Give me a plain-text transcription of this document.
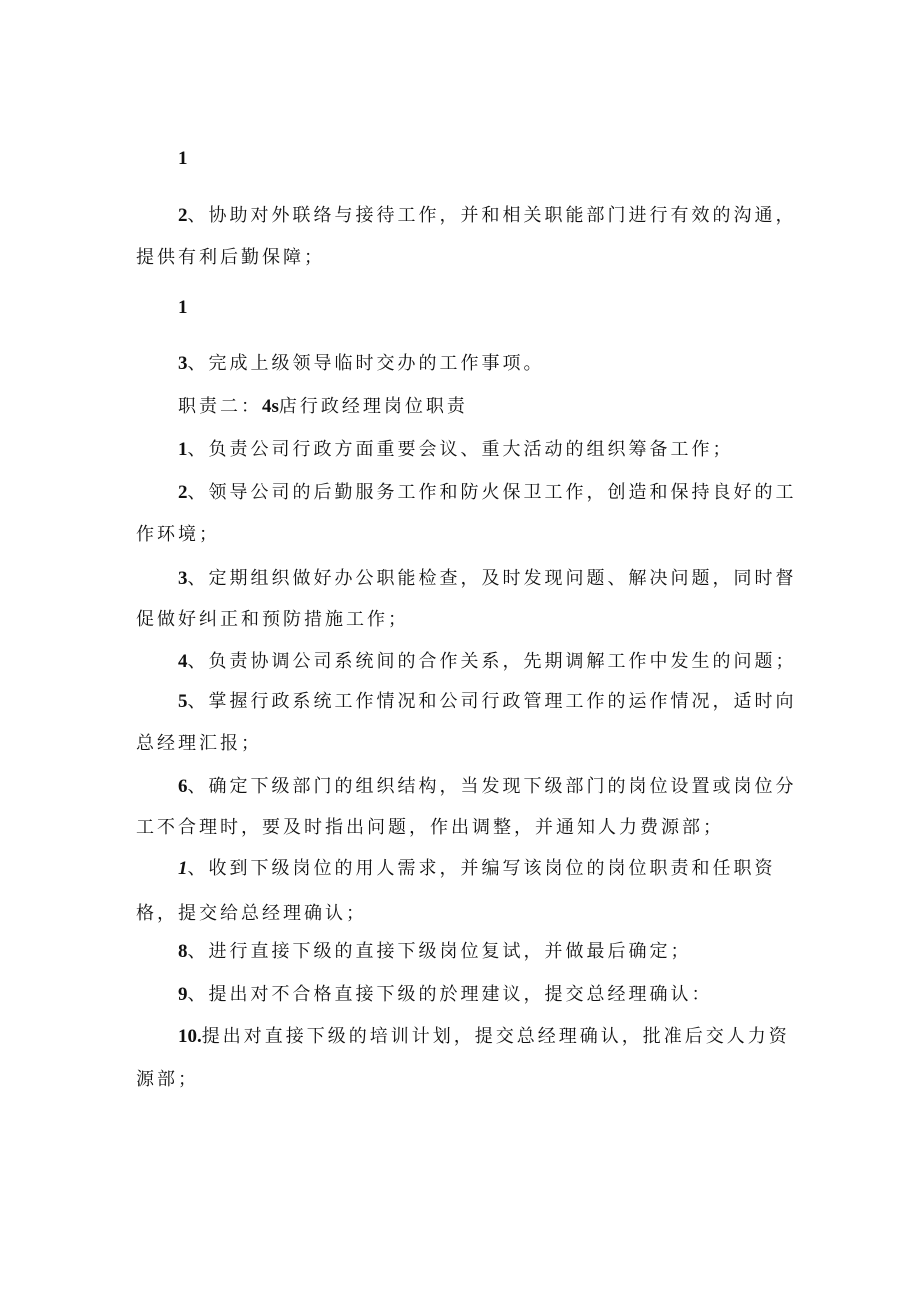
1
2、协助对外联络与接待工作，并和相关职能部门进行有效的沟通，
提供有利后勤保障；
1
3、完成上级领导临时交办的工作事项。
职责二：4s店行政经理岗位职责
1、负责公司行政方面重要会议、重大活动的组织筹备工作；
2、领导公司的后勤服务工作和防火保卫工作，创造和保持良好的工
作环境；
3、定期组织做好办公职能检查，及时发现问题、解决问题，同时督
促做好纠正和预防措施工作；
4、负责协调公司系统间的合作关系，先期调解工作中发生的问题；
5、掌握行政系统工作情况和公司行政管理工作的运作情况，适时向
总经理汇报；
6、确定下级部门的组织结构，当发现下级部门的岗位设置或岗位分
工不合理时，要及时指出问题，作出调整，并通知人力费源部；
1、收到下级岗位的用人需求，并编写该岗位的岗位职责和任职资
格，提交给总经理确认；
8、进行直接下级的直接下级岗位复试，并做最后确定；
9、提出对不合格直接下级的於理建议，提交总经理确认：
10.提出对直接下级的培训计划，提交总经理确认，批准后交人力资
源部；
